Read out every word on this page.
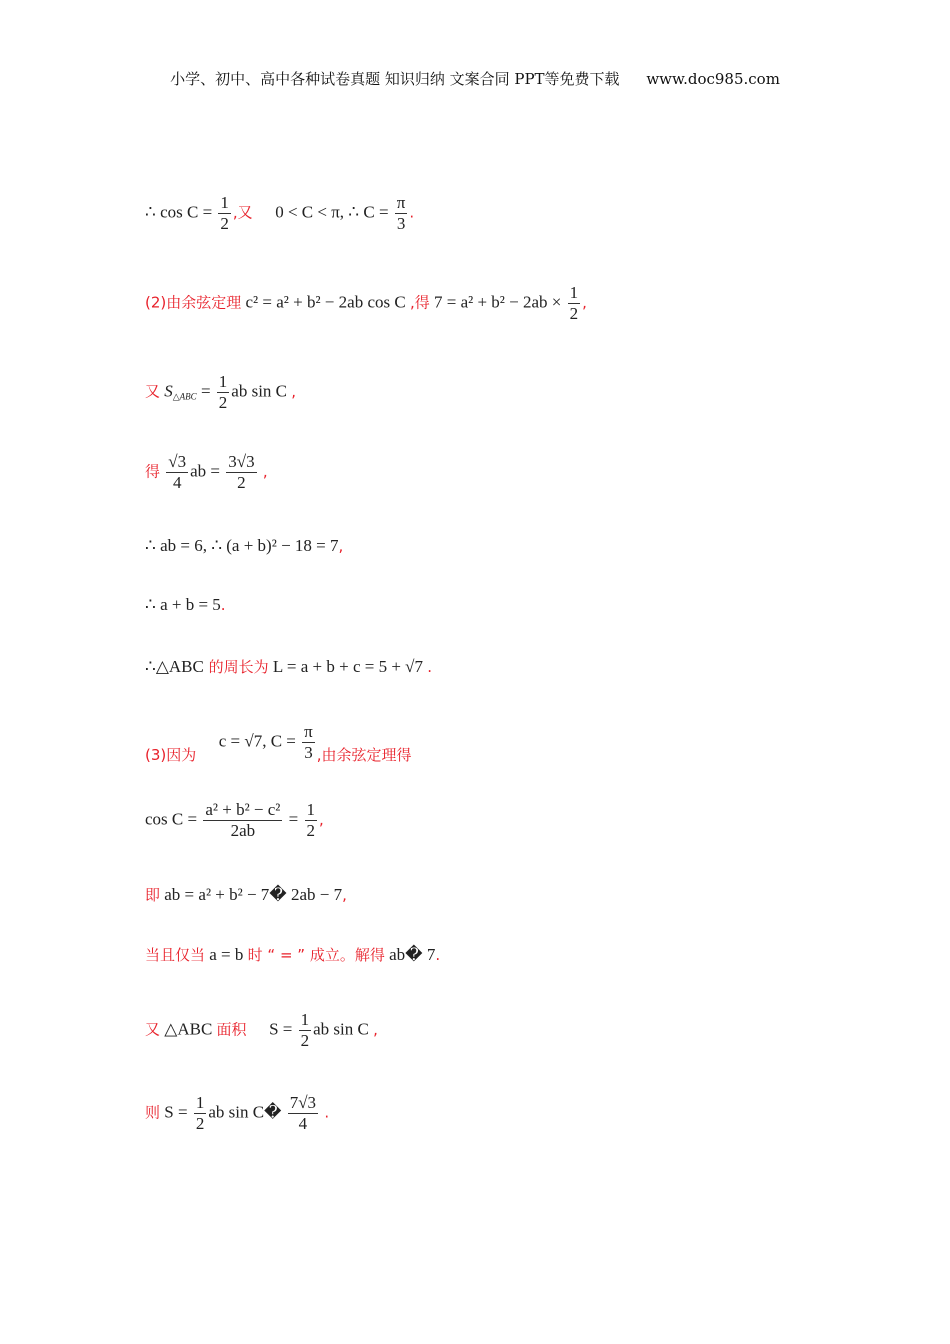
小学、初中、高中各种试卷真题 知识归纳 文案合同 PPT等免费下载 www.doc985.com
∴ $\cos C = \frac{1}{2}$ ,又 0 < C < π, ∴ $C = \frac{\pi}{3}$ .
(2)由余弦定理 c² = a² + b² − 2ab cos C ,得 $7 = a^2 + b^2 - 2ab \times \frac{1}{2}$ ,
又 $S_{\triangle ABC} = \frac{1}{2}$ ab sin C ,
得 $\frac{√3}{4}$ ab = $\frac{3√3}{2}$ ,
∴ ab = 6, ∴ (a + b)² − 18 = 7,
∴ a + b = 5.
∴△ABC 的周长为 L = a + b + c = 5 + √7 .
(3)因为  c = √7, $C = \frac{\pi}{3}$ ,由余弦定理得
$\cos C = \frac{\text{a² + b² − c²}}{2ab} = \frac{1}{2}$ ,
即 ab = a² + b² − 7� 2ab − 7,
当且仅当 a = b 时 “ = ” 成立。解得 ab� 7.
又 △ABC 面积 $S = \frac{1}{2}$ ab sin C ,
则 $S = \frac{1}{2}$ ab sin C� $\frac{7√3}{4}$ .
